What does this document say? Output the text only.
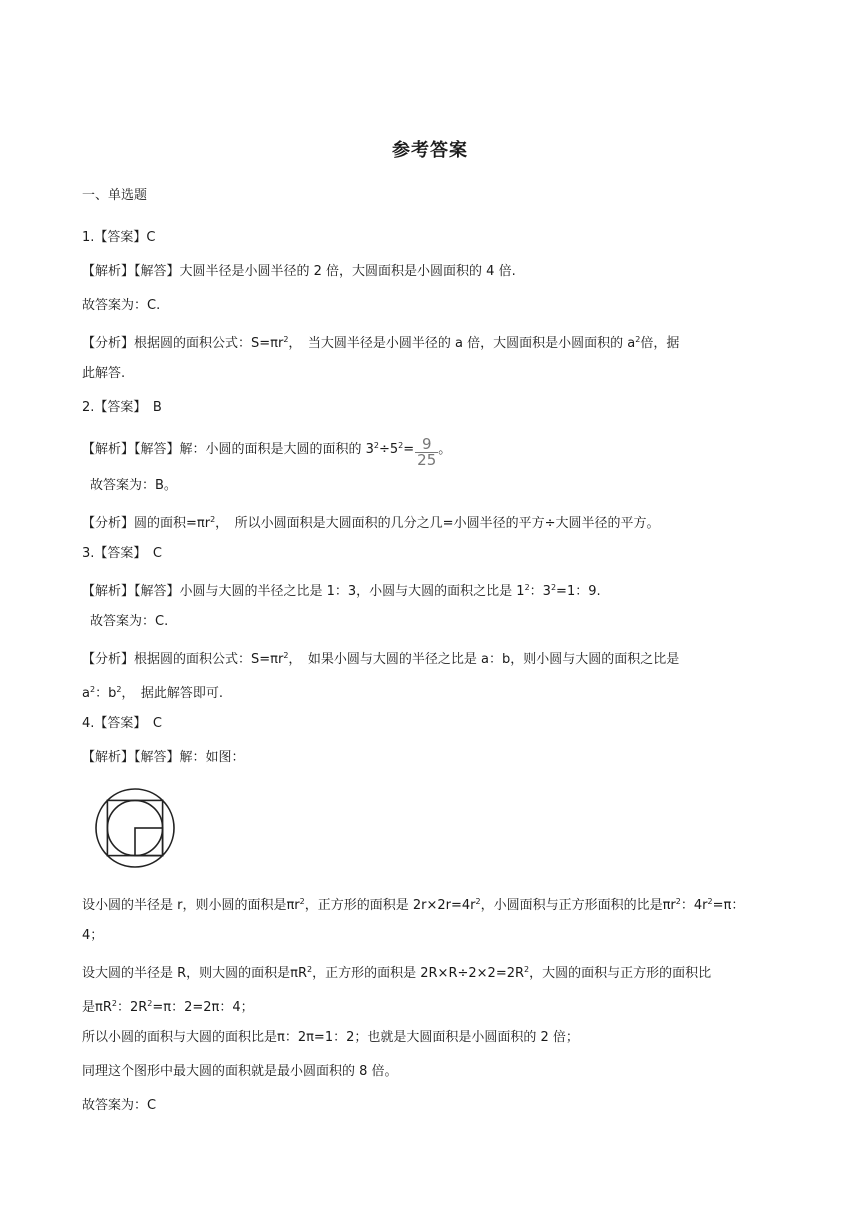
参考答案
一、单选题
1.【答案】C
【解析】【解答】大圆半径是小圆半径的 2 倍，大圆面积是小圆面积的 4 倍.
故答案为：C.
【分析】根据圆的面积公式：$S=\pi r^2$，　当大圆半径是小圆半径的 a 倍，大圆面积是小圆面积的 $a^2$倍，据
此解答.
2.【答案】　B
【解析】【解答】解：小圆的面积是大圆的面积的 $3^2\div 5^2= \frac{9}{25}$ 。
故答案为：B。
【分析】圆的面积$=\pi r^2$，　所以小圆面积是大圆面积的几分之几=小圆半径的平方÷大圆半径的平方。
3.【答案】　C
【解析】【解答】小圆与大圆的半径之比是 1：3，小圆与大圆的面积之比是 $1^2$：$3^2=1$：9.
故答案为：C.
【分析】根据圆的面积公式：$S=\pi r^2$，　如果小圆与大圆的半径之比是 a：b，则小圆与大圆的面积之比是
$a^2$：$b^2$，　据此解答即可.
4.【答案】　C
【解析】【解答】解：如图：
设小圆的半径是 r，则小圆的面积是$\pi r^2$，正方形的面积是 $2r\times 2r=4r^2$，小圆面积与正方形面积的比是$\pi r^2$：$4r^2=\pi$：
4；
设大圆的半径是 R，则大圆的面积是$\pi R^2$，正方形的面积是 $2R\times R\div 2\times 2=2R^2$，大圆的面积与正方形的面积比
是$\pi R^2$：$2R^2=\pi$：2=2π：4；
所以小圆的面积与大圆的面积比是π：2π=1：2；也就是大圆面积是小圆面积的 2 倍；
同理这个图形中最大圆的面积就是最小圆面积的 8 倍。
故答案为：C
